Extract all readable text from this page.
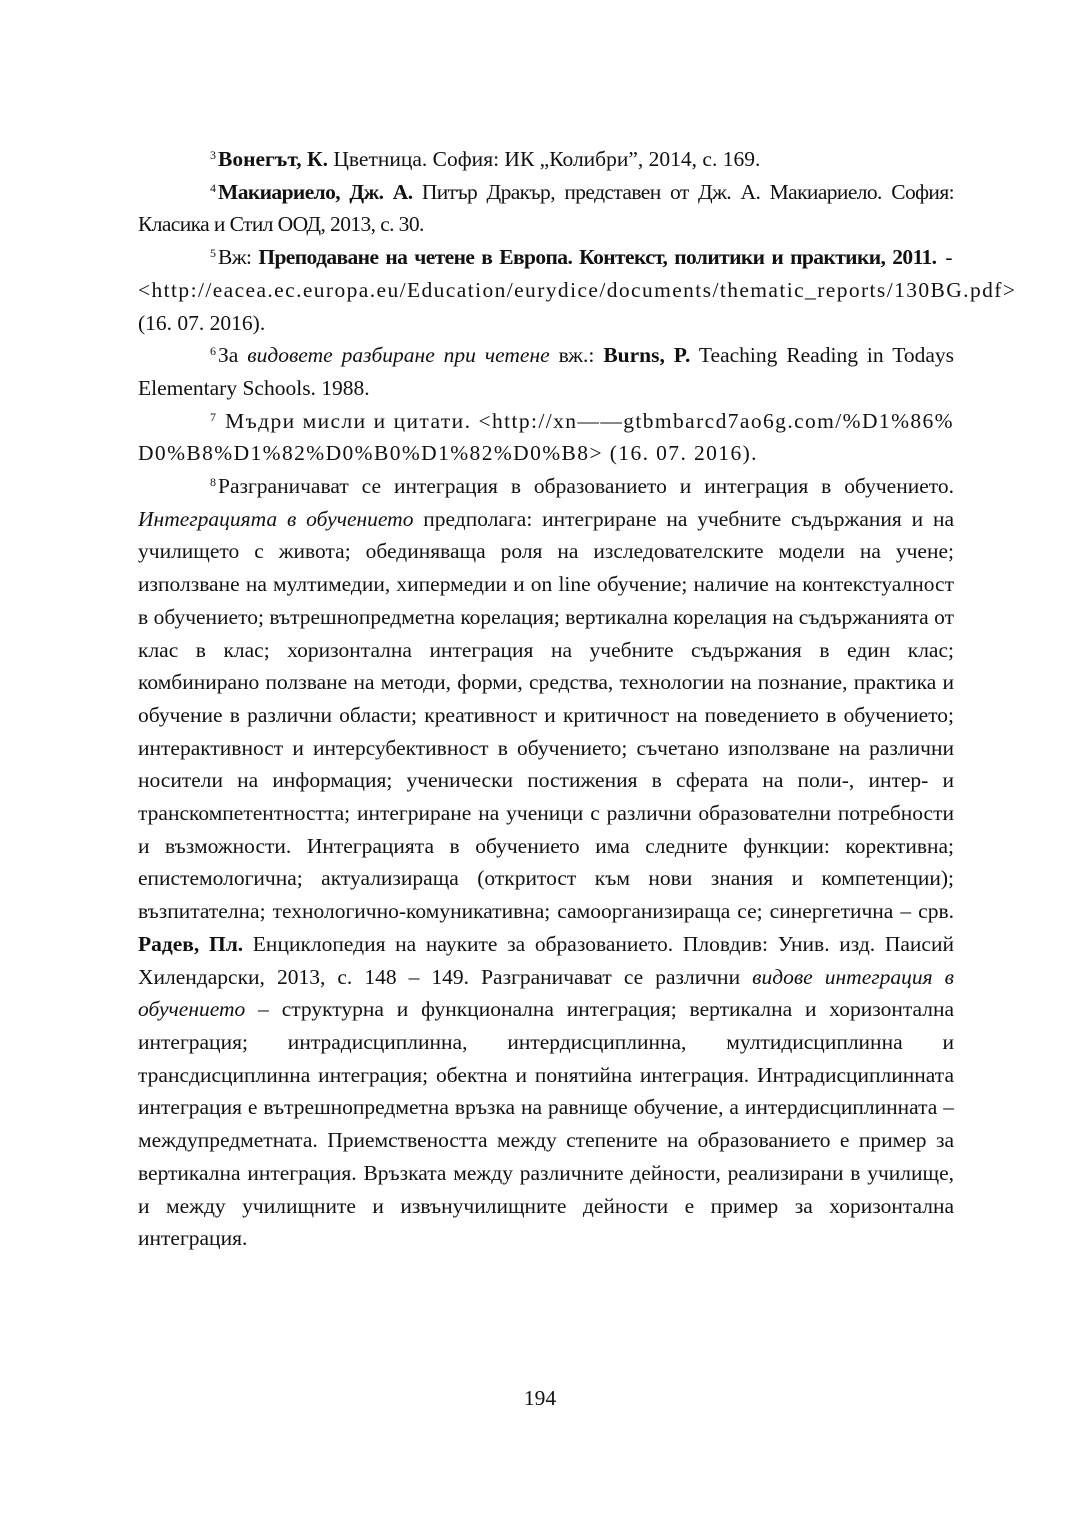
$^3$Вонегът, К. Цветница. София: ИК „Колибри”, 2014, с. 169.

$^4$Макиариело, Дж. А. Питър Дракър, представен от Дж. А. Макиариело. София: Класика и Стил ООД, 2013, с. 30.

$^5$Вж: Преподаване на четене в Европа. Контекст, политики и практики, 2011. -<http://eacea.ec.europa.eu/Education/eurydice/documents/thematic_reports/130BG.pdf> (16. 07. 2016).

$^6$За видовете разбиране при четене вж.: Burns, P. Teaching Reading in Todays Elementary Schools. 1988.

$^7$ Мъдри мисли и цитати. <http://xn——gtbmbarcd7ao6g.com/%D1%86% D0%B8%D1%82%D0%B0%D1%82%D0%B8> (16. 07. 2016).

$^8$Разграничават се интеграция в образованието и интеграция в обучението. Интеграцията в обучението предполага: интегриране на учебните съдържания и на училището с живота; обединяваща роля на изследователските модели на учене; използване на мултимедии, хипермедии и on line обучение; наличие на контекстуалност в обучението; вътрешнопредметна корелация; вертикална корелация на съдържанията от клас в клас; хоризонтална интеграция на учебните съдържания в един клас; комбинирано ползване на методи, форми, средства, технологии на познание, практика и обучение в различни области; креативност и критичност на поведението в обучението; интерактивност и интерсубективност в обучението; съчетано използване на различни носители на информация; ученически постижения в сферата на поли-, интер- и транскомпетентността; интегриране на ученици с различни образователни потребности и възможности. Интеграцията в обучението има следните функции: корективна; епистемологична; актуализираща (откритост към нови знания и компетенции); възпитателна; технологично-комуникативна; самоорганизираща се; синергетична – срв. Радев, Пл. Енциклопедия на науките за образованието. Пловдив: Унив. изд. Паисий Хилендарски, 2013, с. 148 – 149. Разграничават се различни видове интеграция в обучението – структурна и функционална интеграция; вертикална и хоризонтална интеграция; интрадисциплинна, интердисциплинна, мултидисциплинна и трансдисциплинна интеграция; обектна и понятийна интеграция. Интрадисциплинната интеграция е вътрешнопредметна връзка на равнище обучение, а интердисциплинната – междупредметната. Приемствеността между степените на образованието е пример за вертикална интеграция. Връзката между различните дейности, реализирани в училище, и между училищните и извънучилищните дейности е пример за хоризонтална интеграция.

194
